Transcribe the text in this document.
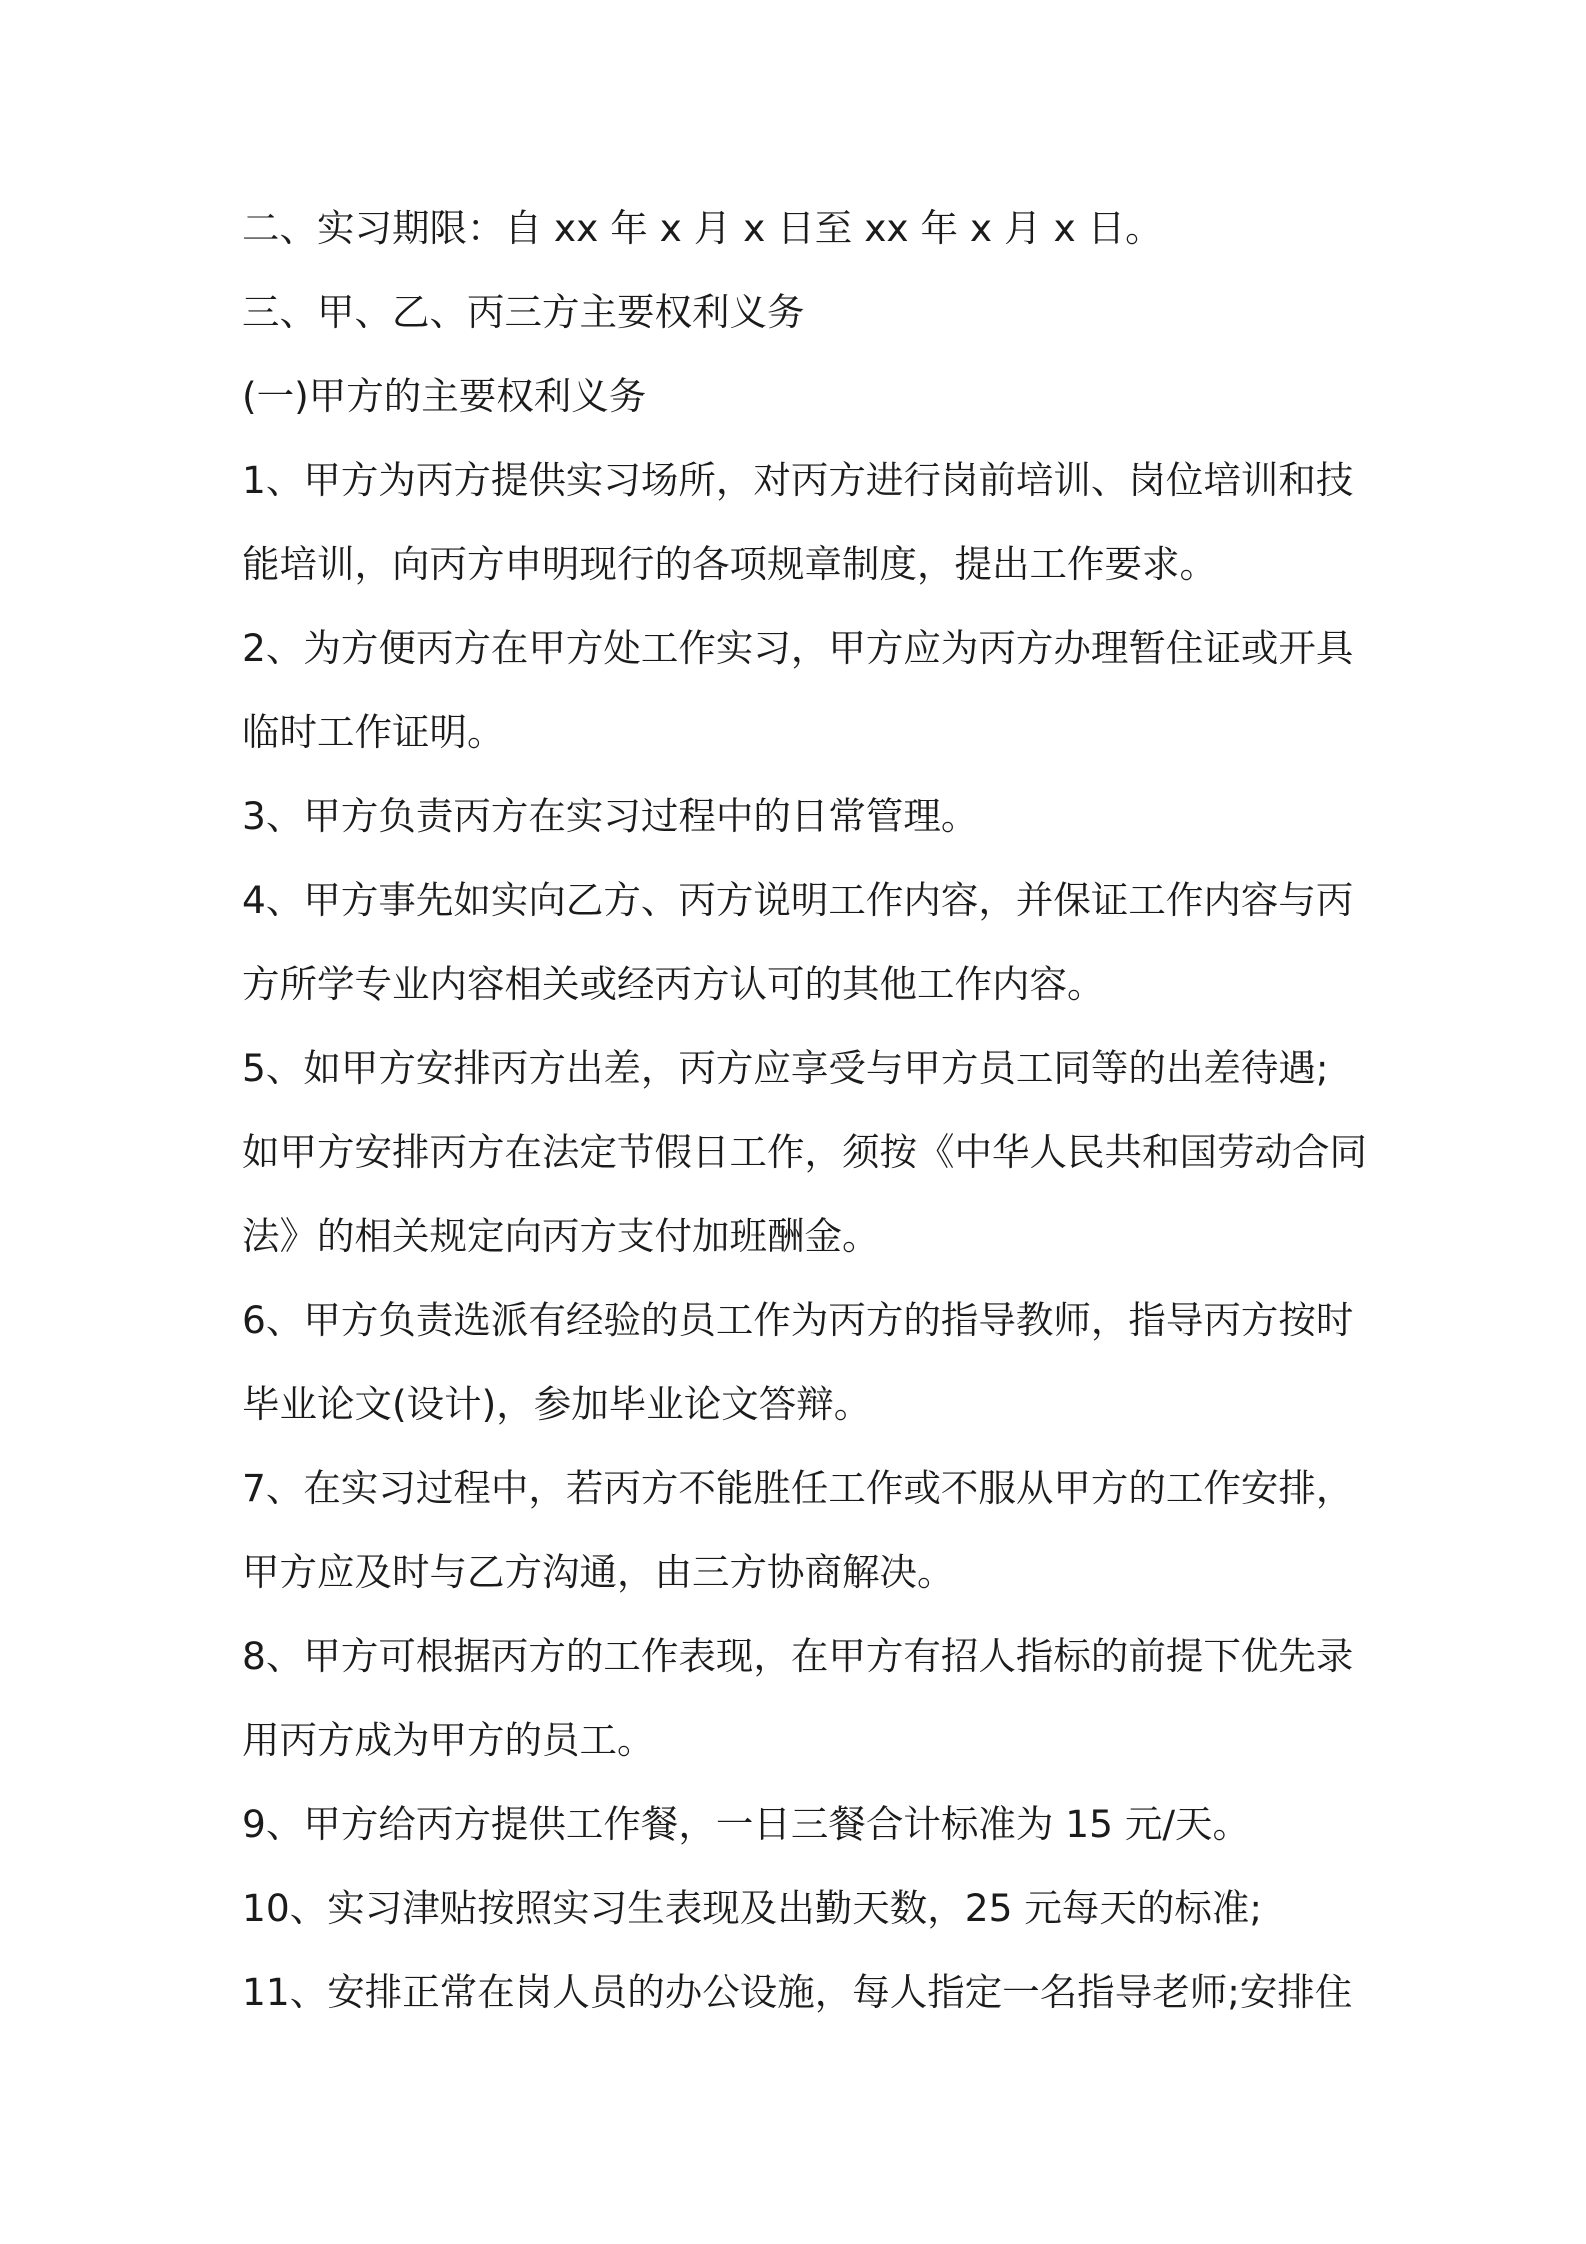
二、实习期限：自 xx 年 x 月 x 日至 xx 年 x 月 x 日。
三、甲、乙、丙三方主要权利义务
(一)甲方的主要权利义务
1、甲方为丙方提供实习场所，对丙方进行岗前培训、岗位培训和技
能培训，向丙方申明现行的各项规章制度，提出工作要求。
2、为方便丙方在甲方处工作实习，甲方应为丙方办理暂住证或开具
临时工作证明。
3、甲方负责丙方在实习过程中的日常管理。
4、甲方事先如实向乙方、丙方说明工作内容，并保证工作内容与丙
方所学专业内容相关或经丙方认可的其他工作内容。
5、如甲方安排丙方出差，丙方应享受与甲方员工同等的出差待遇;
如甲方安排丙方在法定节假日工作，须按《中华人民共和国劳动合同
法》的相关规定向丙方支付加班酬金。
6、甲方负责选派有经验的员工作为丙方的指导教师，指导丙方按时
毕业论文(设计)，参加毕业论文答辩。
7、在实习过程中，若丙方不能胜任工作或不服从甲方的工作安排，
甲方应及时与乙方沟通，由三方协商解决。
8、甲方可根据丙方的工作表现，在甲方有招人指标的前提下优先录
用丙方成为甲方的员工。
9、甲方给丙方提供工作餐，一日三餐合计标准为 15 元/天。
10、实习津贴按照实习生表现及出勤天数，25 元每天的标准;
11、安排正常在岗人员的办公设施，每人指定一名指导老师;安排住
